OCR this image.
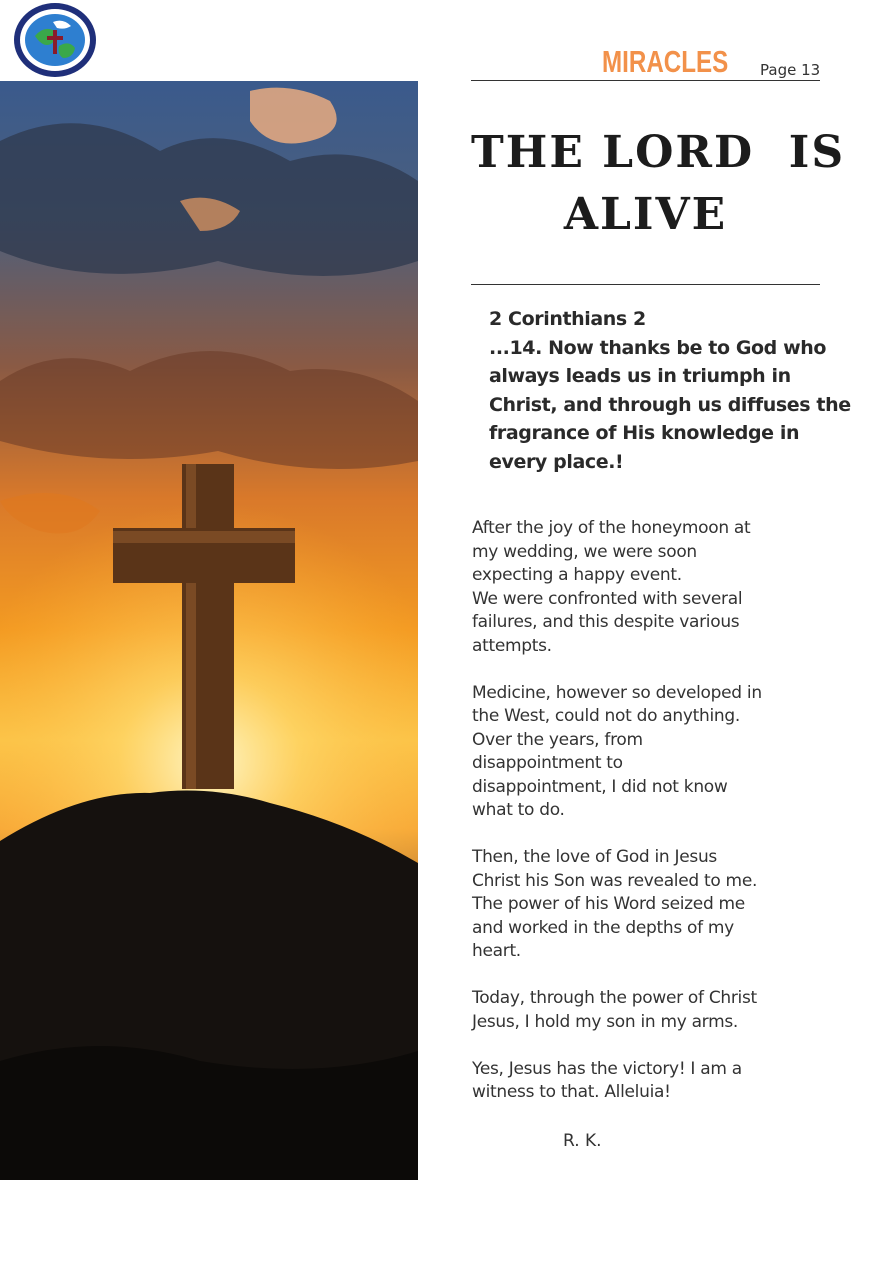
MIRACLES Page 13
THE LORD  IS
ALIVE
2 Corinthians 2
...14. Now thanks be to God who
always leads us in triumph in
Christ, and through us diffuses the
fragrance of His knowledge in
every place.!
After the joy of the honeymoon at
my wedding, we were soon
expecting a happy event.
We were confronted with several
failures, and this despite various
attempts.
Medicine, however so developed in
the West, could not do anything.
Over the years, from
disappointment to
disappointment, I did not know
what to do.
Then, the love of God in Jesus
Christ his Son was revealed to me.
The power of his Word seized me
and worked in the depths of my
heart.
Today, through the power of Christ
Jesus, I hold my son in my arms.
Yes, Jesus has the victory! I am a
witness to that. Alleluia!
R. K.
